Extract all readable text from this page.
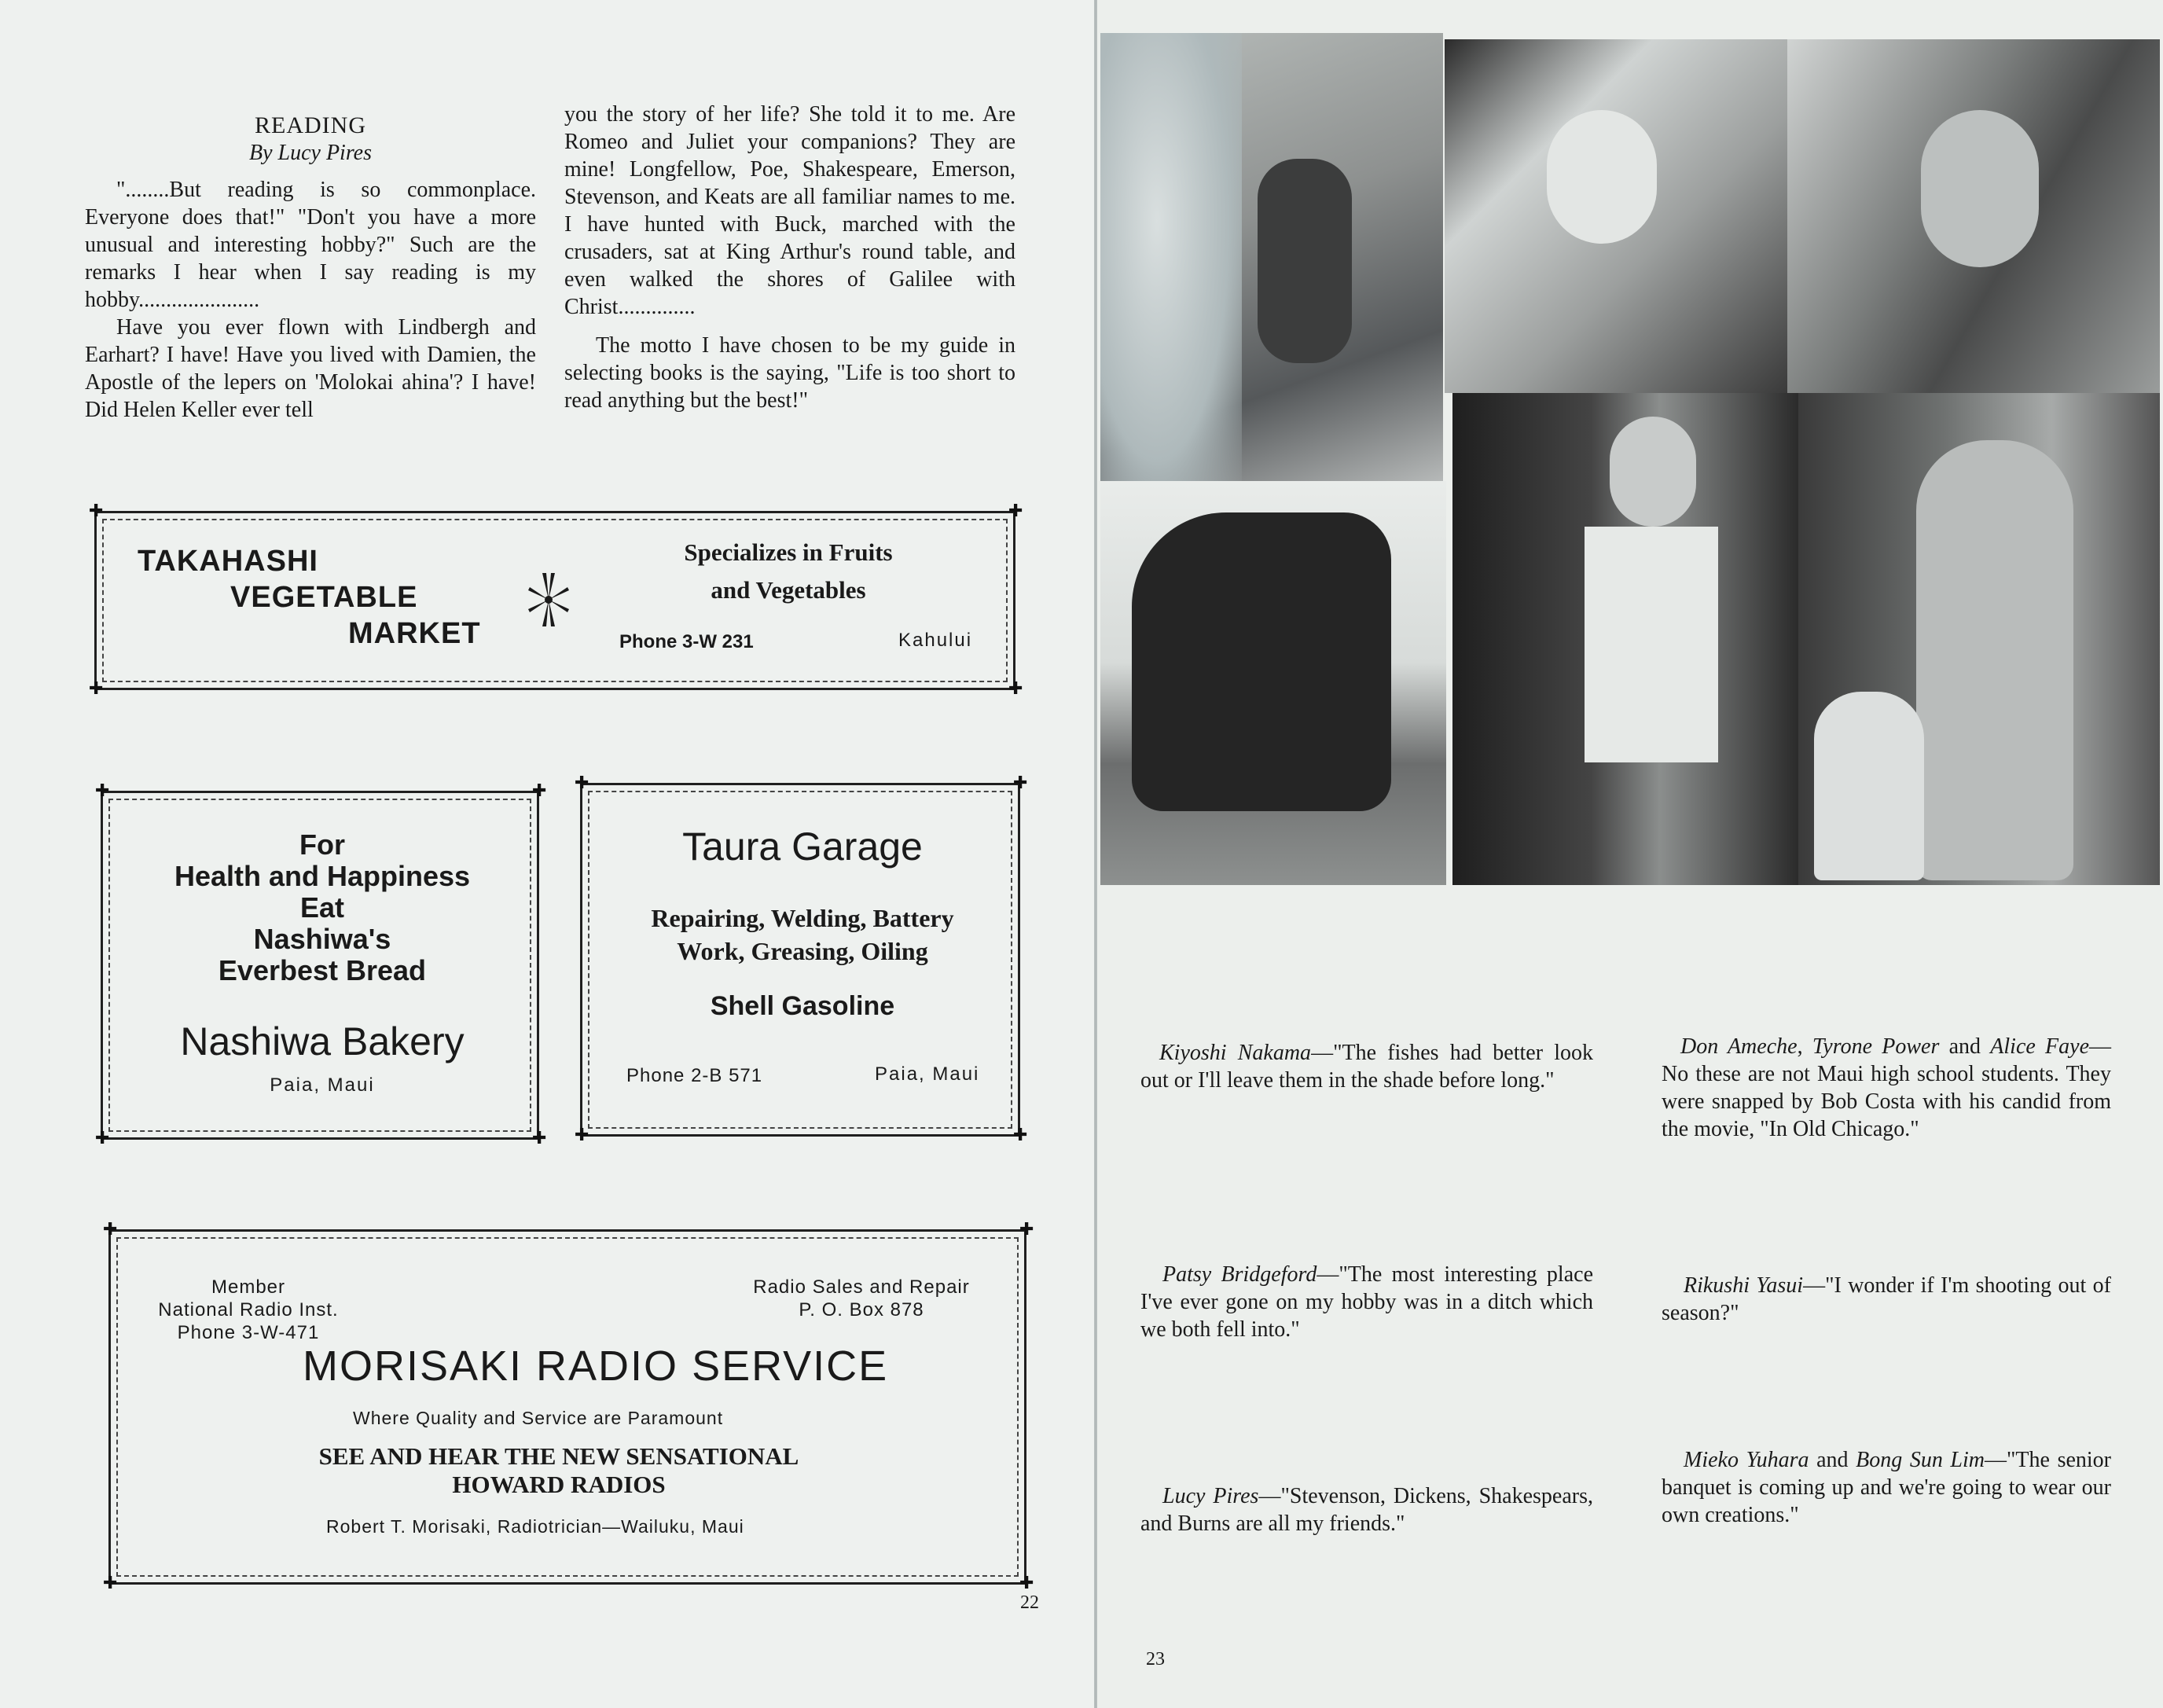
READING

By Lucy Pires

"........But reading is so commonplace. Everyone does that!" "Don't you have a more unusual and interesting hobby?" Such are the remarks I hear when I say reading is my hobby......................

Have you ever flown with Lindbergh and Earhart? I have! Have you lived with Damien, the Apostle of the lepers on 'Molokai ahina'? I have! Did Helen Keller ever tell

you the story of her life? She told it to me. Are Romeo and Juliet your companions? They are mine! Longfellow, Poe, Shakespeare, Emerson, Stevenson, and Keats are all familiar names to me. I have hunted with Buck, marched with the crusaders, sat at King Arthur's round table, and even walked the shores of Galilee with Christ..............

The motto I have chosen to be my guide in selecting books is the saying, "Life is too short to read anything but the best!"

TAKAHASHI
VEGETABLE
MARKET
Specializes in Fruits
and Vegetables
Phone 3-W 231	Kahului
✚	✚
✚	✚
For
Health and Happiness
Eat
Nashiwa's
Everbest Bread
Nashiwa Bakery
Paia, Maui
✚	✚
✚	✚
Taura Garage
Repairing, Welding, Battery
Work, Greasing, Oiling
Shell Gasoline
Phone 2-B 571	Paia, Maui
✚	✚
✚	✚
Member
National Radio Inst.
Phone 3-W-471
Radio Sales and Repair
P. O. Box 878
MORISAKI RADIO SERVICE
Where Quality and Service are Paramount
SEE AND HEAR THE NEW SENSATIONAL
HOWARD RADIOS
Robert T. Morisaki, Radiotrician—Wailuku, Maui
✚	✚
✚	✚
22
Kiyoshi Nakama—"The fishes had better look out or I'll leave them in the shade before long."
Don Ameche, Tyrone Power and Alice Faye—No these are not Maui high school students. They were snapped by Bob Costa with his candid from the movie, "In Old Chicago."
Patsy Bridgeford—"The most interesting place I've ever gone on my hobby was in a ditch which we both fell into."
Rikushi Yasui—"I wonder if I'm shooting out of season?"
Lucy Pires—"Stevenson, Dickens, Shakespears, and Burns are all my friends."
Mieko Yuhara and Bong Sun Lim—"The senior banquet is coming up and we're going to wear our own creations."
23
